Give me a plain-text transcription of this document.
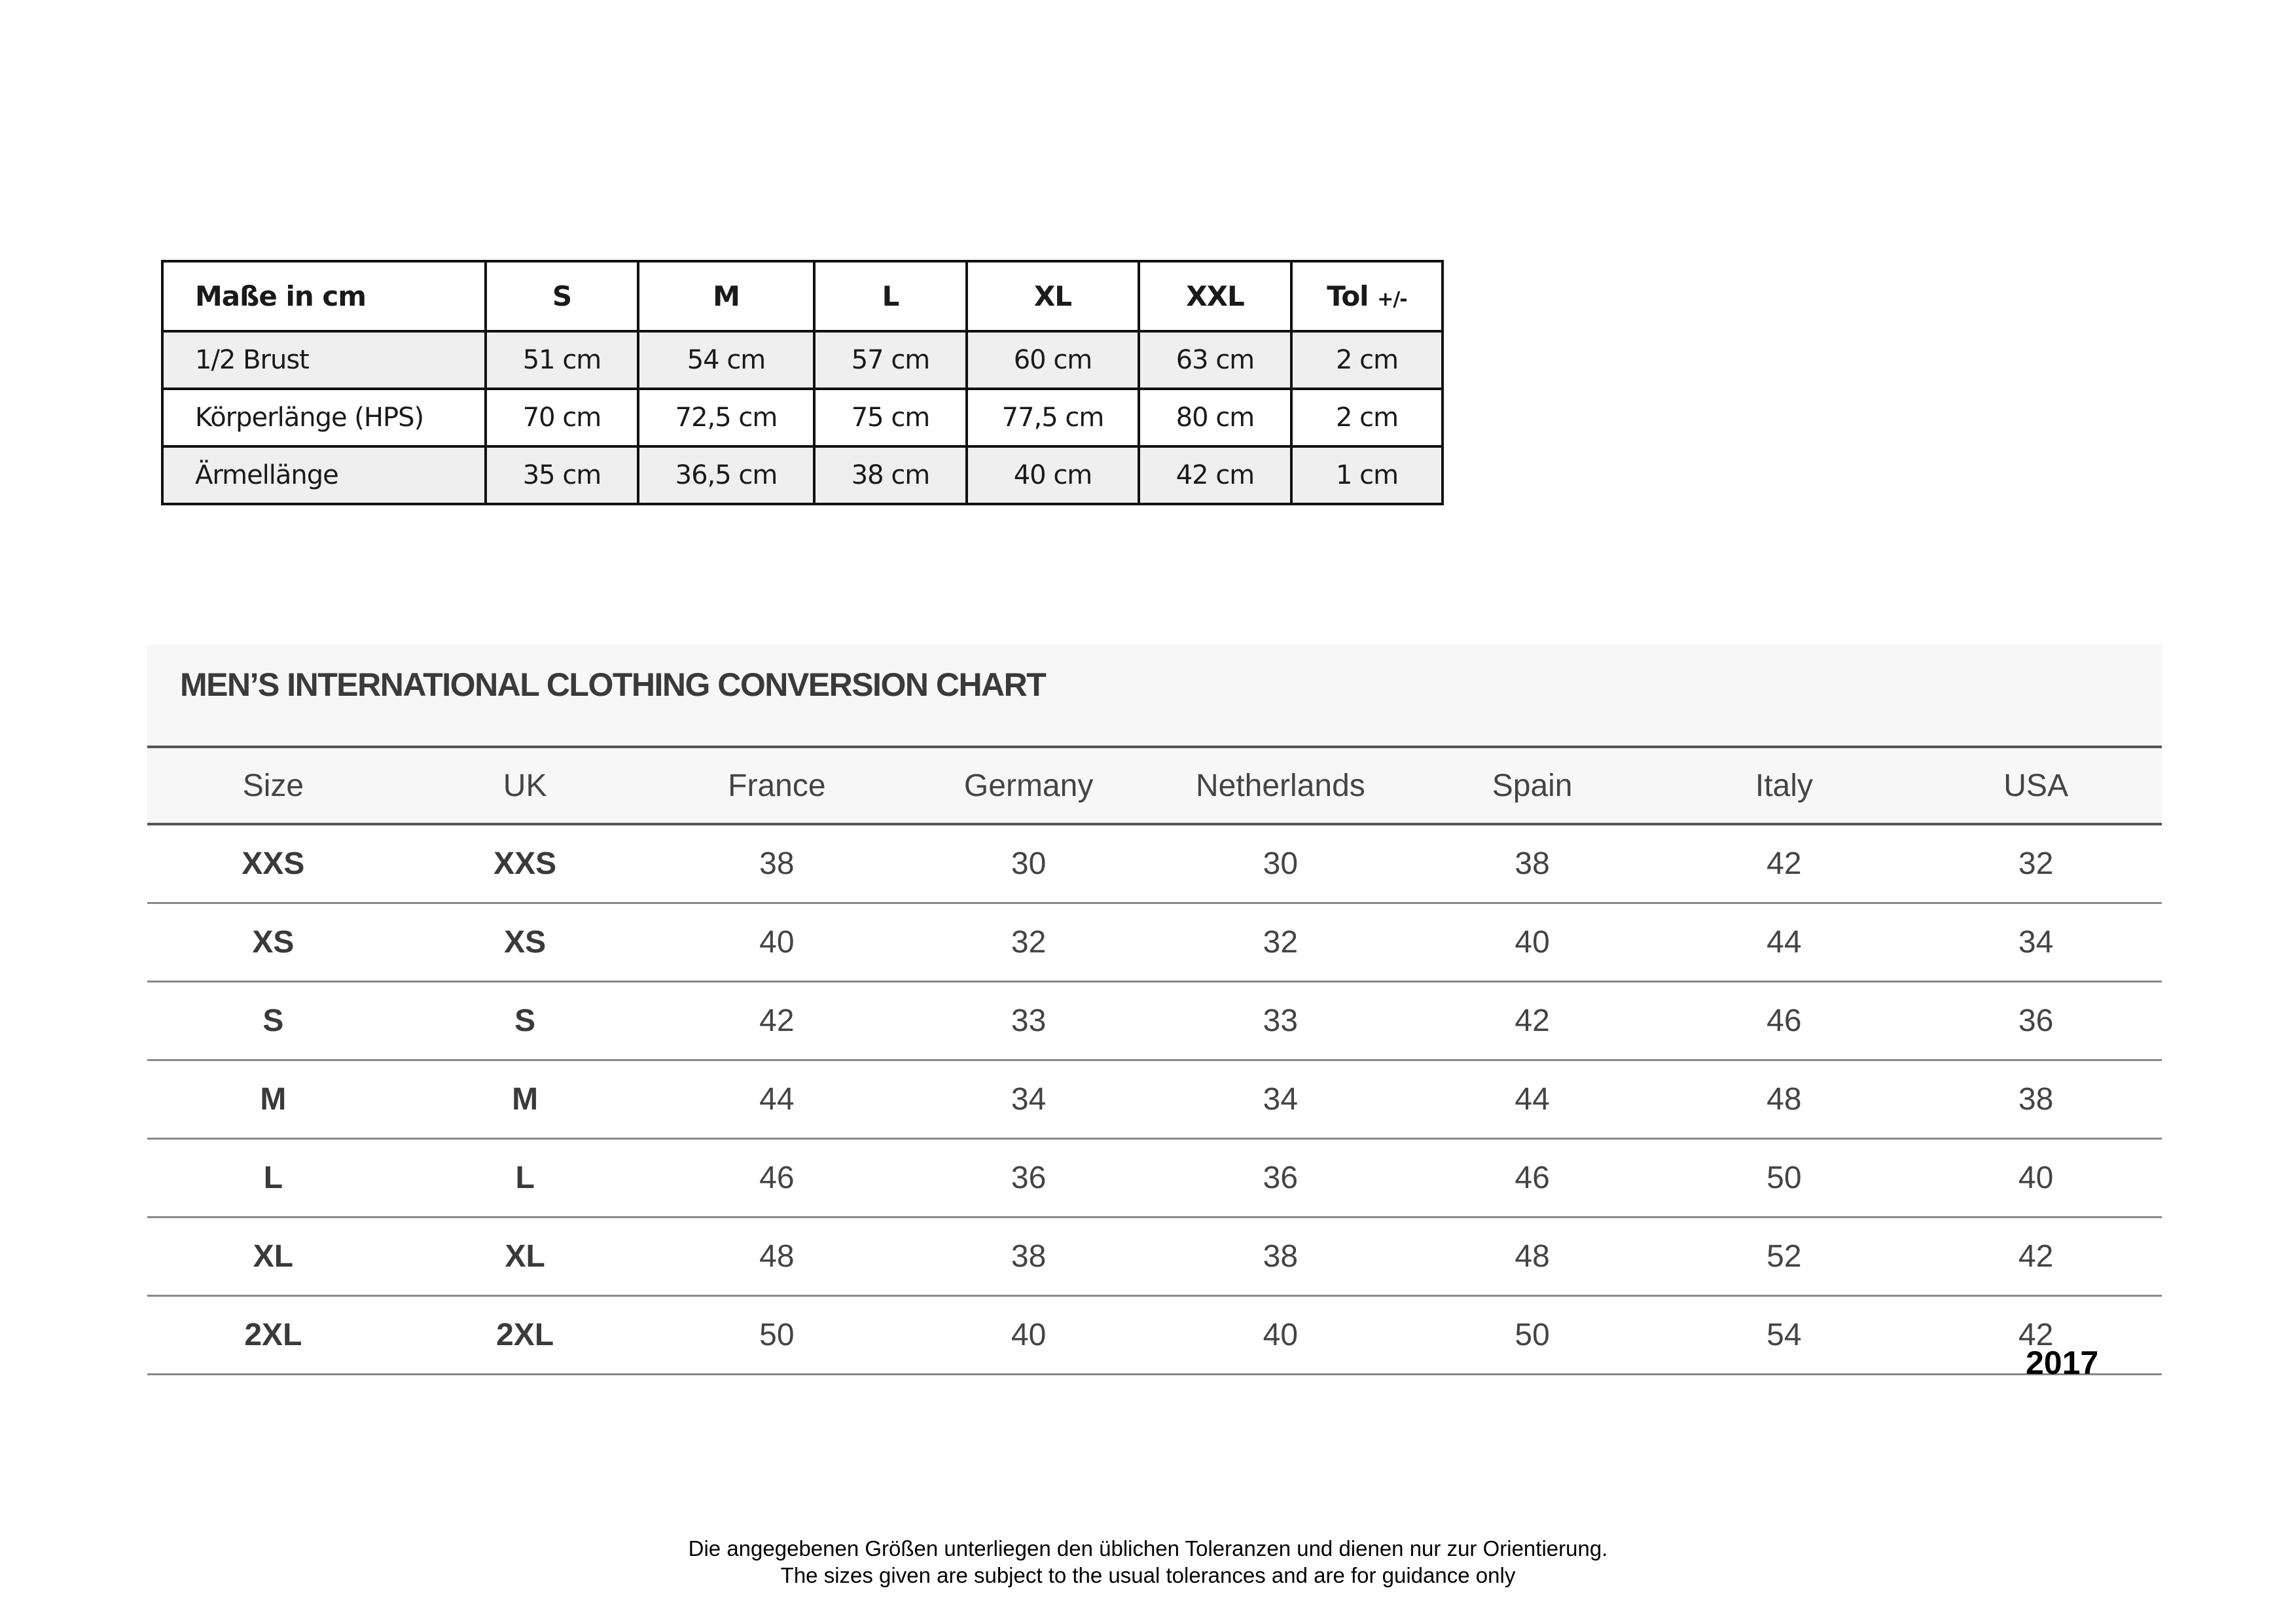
Maße in cm	S	M	L	XL	XXL	Tol +/-
1/2 Brust	51 cm	54 cm	57 cm	60 cm	63 cm	2 cm
Körperlänge (HPS)	70 cm	72,5 cm	75 cm	77,5 cm	80 cm	2 cm
Ärmellänge	35 cm	36,5 cm	38 cm	40 cm	42 cm	1 cm
MEN’S INTERNATIONAL CLOTHING CONVERSION CHART
Size	UK	France	Germany	Netherlands	Spain	Italy	USA
XXS	XXS	38	30	30	38	42	32
XS	XS	40	32	32	40	44	34
S	S	42	33	33	42	46	36
M	M	44	34	34	44	48	38
L	L	46	36	36	46	50	40
XL	XL	48	38	38	48	52	42
2XL	2XL	50	40	40	50	54	42
2017
Die angegebenen Größen unterliegen den üblichen Toleranzen und dienen nur zur Orientierung.
The sizes given are subject to the usual tolerances and are for guidance only
